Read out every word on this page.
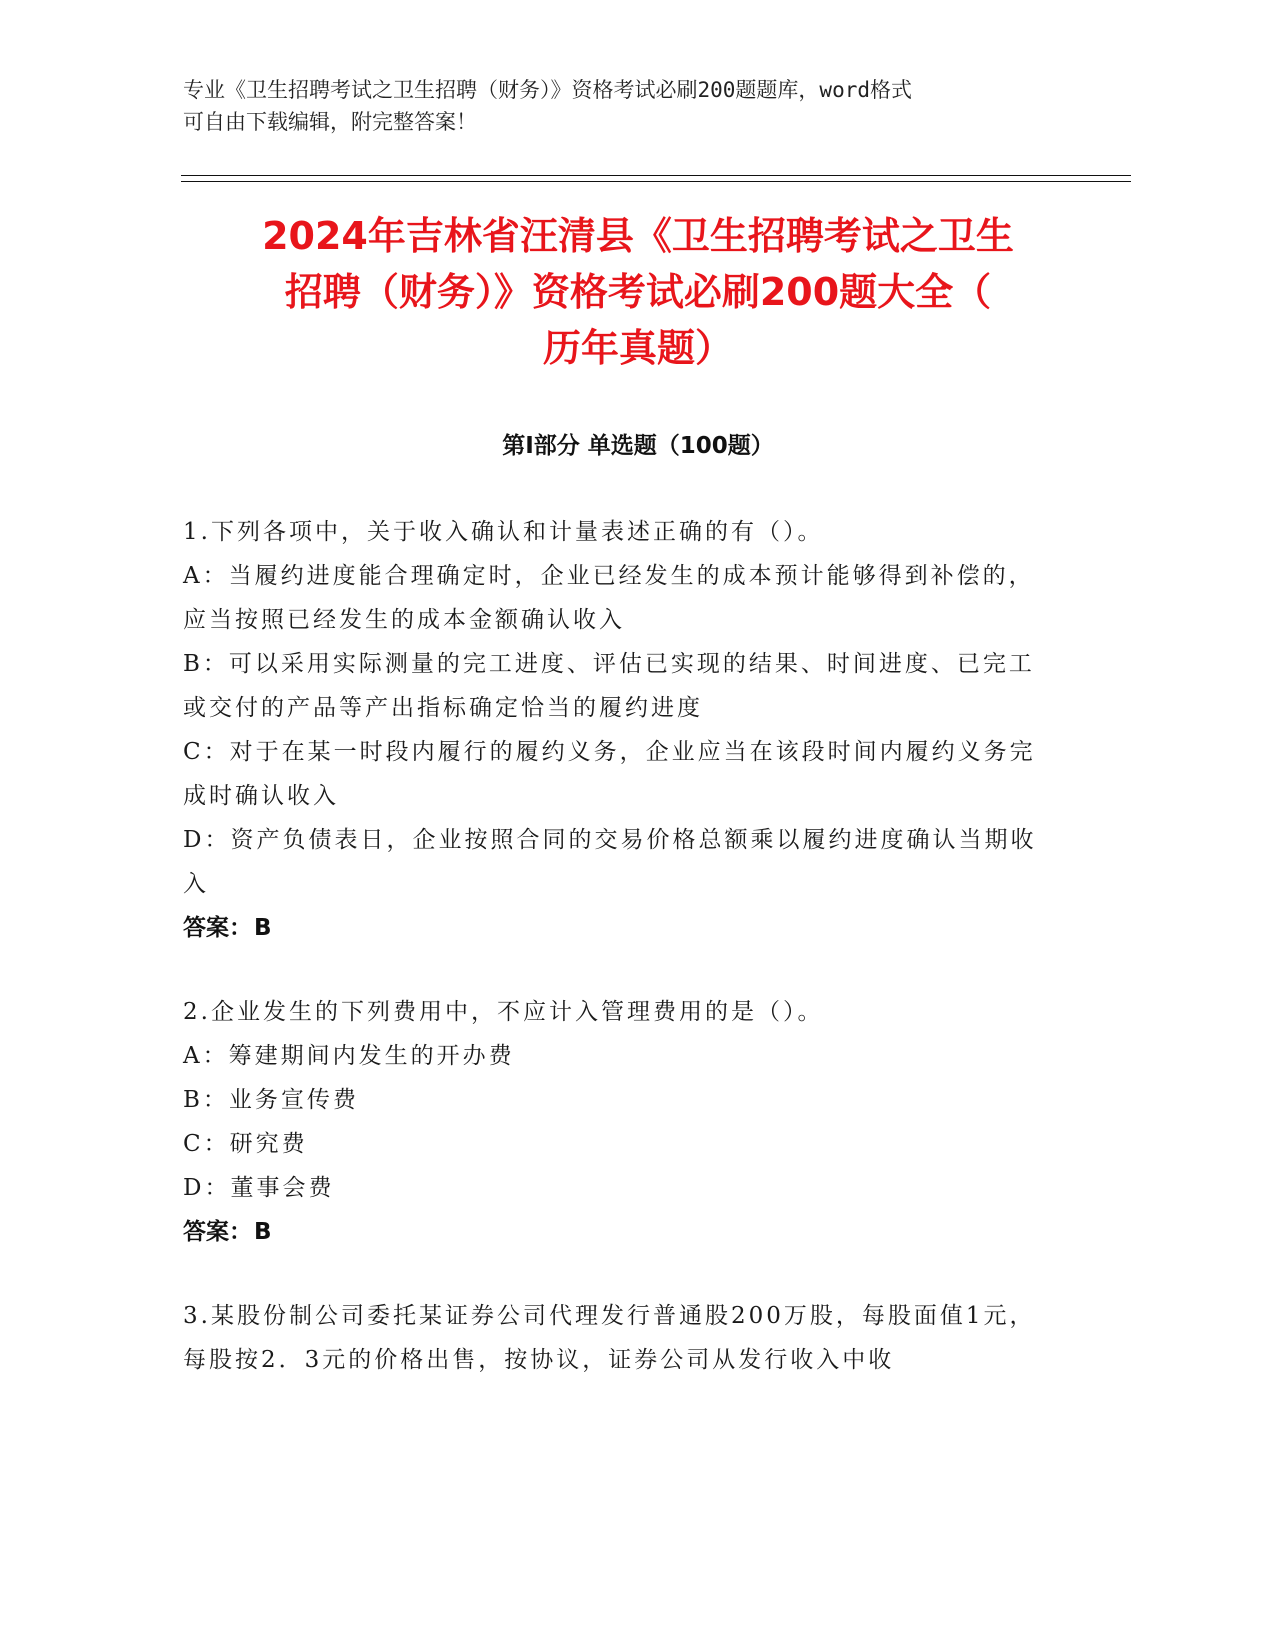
专业《卫生招聘考试之卫生招聘（财务）》资格考试必刷200题题库，word格式
可自由下载编辑，附完整答案！
2024年吉林省汪清县《卫生招聘考试之卫生
招聘（财务）》资格考试必刷200题大全（
历年真题）
第Ⅰ部分 单选题（100题）

1.下列各项中，关于收入确认和计量表述正确的有（）。

A：当履约进度能合理确定时，企业已经发生的成本预计能够得到补偿的，应当按照已经发生的成本金额确认收入

B：可以采用实际测量的完工进度、评估已实现的结果、时间进度、已完工或交付的产品等产出指标确定恰当的履约进度

C：对于在某一时段内履行的履约义务，企业应当在该段时间内履约义务完成时确认收入

D：资产负债表日，企业按照合同的交易价格总额乘以履约进度确认当期收入

答案：B

2.企业发生的下列费用中，不应计入管理费用的是（）。

A：筹建期间内发生的开办费

B：业务宣传费

C：研究费

D：董事会费

答案：B

3.某股份制公司委托某证券公司代理发行普通股200万股，每股面值1元，每股按2．3元的价格出售，按协议，证券公司从发行收入中收
